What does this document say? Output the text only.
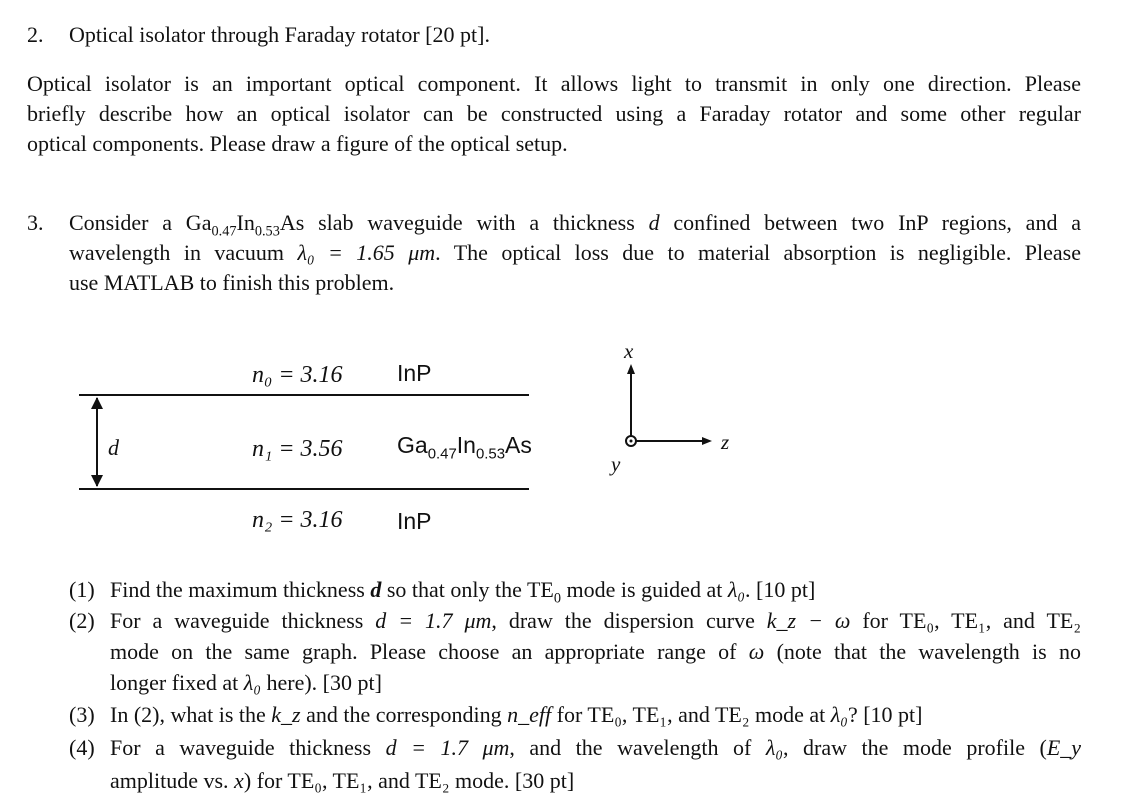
2. Optical isolator through Faraday rotator [20 pt].
Optical isolator is an important optical component. It allows light to transmit in only one direction. Please
briefly describe how an optical isolator can be constructed using a Faraday rotator and some other regular
optical components. Please draw a figure of the optical setup.
3. Consider a $Ga_{0.47}In_{0.53}As$ slab waveguide with a thickness d confined between two InP regions, and a
wavelength in vacuum λ₀ = 1.65 μm. The optical loss due to material absorption is negligible. Please
use MATLAB to finish this problem.
d
n₀ = 3.16 InP
n₁ = 3.56 $Ga_{0.47}In_{0.53}As$
n₂ = 3.16 InP
x
y
z
(1) Find the maximum thickness d so that only the $TE_0$ mode is guided at λ₀. [10 pt]
(2) For a waveguide thickness d = 1.7 μm, draw the dispersion curve k_z − ω for TE₀, TE₁, and TE₂
mode on the same graph. Please choose an appropriate range of ω (note that the wavelength is no
longer fixed at λ₀ here). [30 pt]
(3) In (2), what is the k_z and the corresponding n_eff for TE₀, TE₁, and TE₂ mode at λ₀? [10 pt]
(4) For a waveguide thickness d = 1.7 μm, and the wavelength of λ₀, draw the mode profile (E_y
amplitude vs. x) for TE₀, TE₁, and TE₂ mode. [30 pt]
